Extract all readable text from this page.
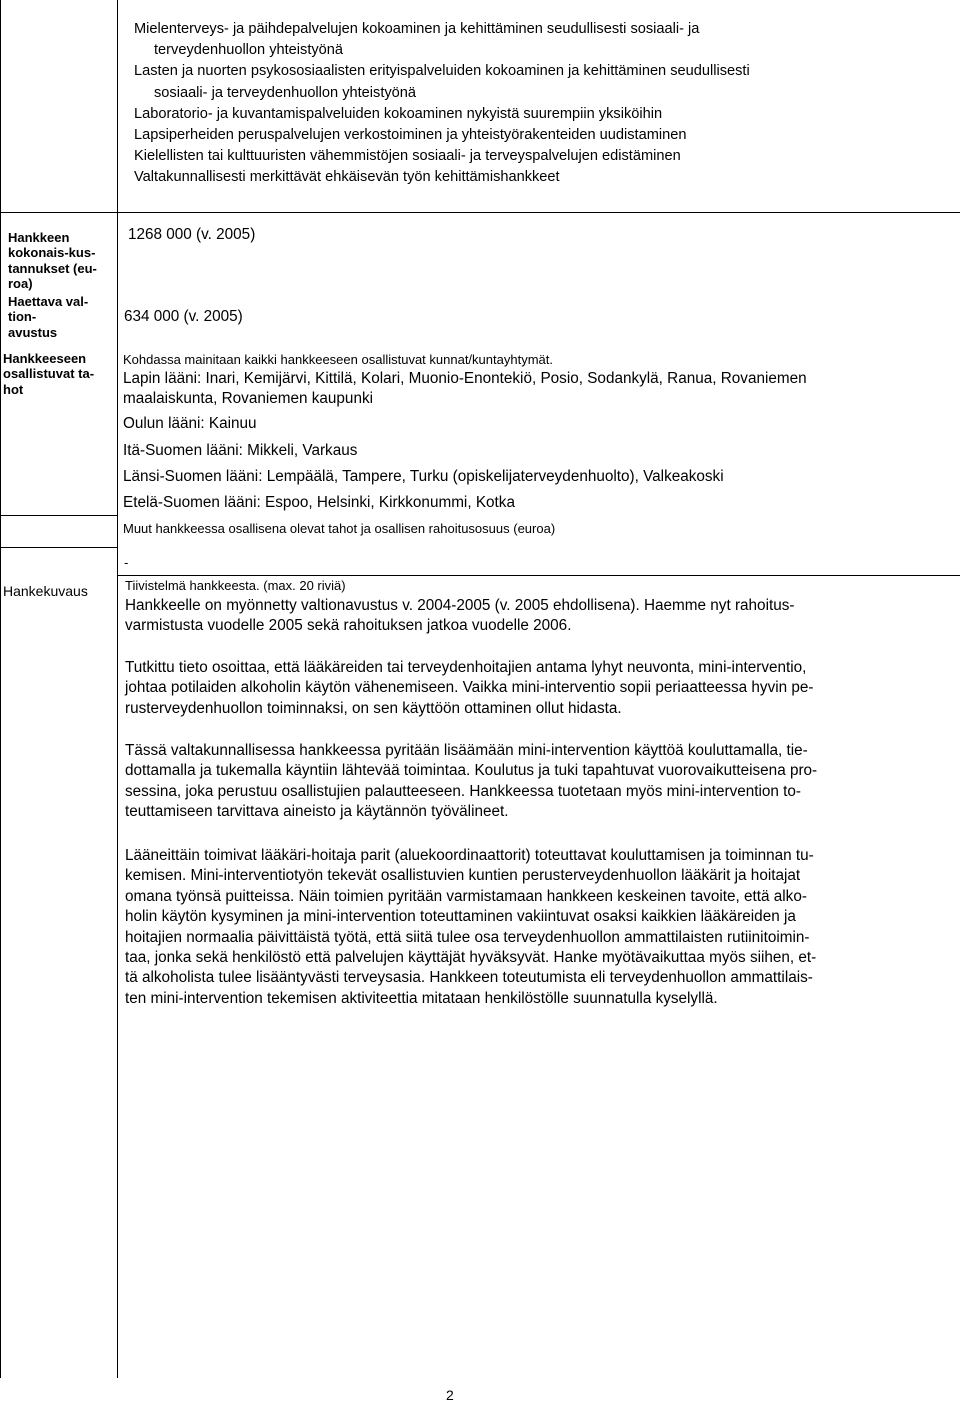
Mielenterveys- ja päihdepalvelujen kokoaminen ja kehittäminen seudullisesti sosiaali- ja
terveydenhuollon yhteistyönä
Lasten ja nuorten psykososiaalisten erityispalveluiden kokoaminen ja kehittäminen seudullisesti
sosiaali- ja terveydenhuollon yhteistyönä
Laboratorio- ja kuvantamispalveluiden kokoaminen nykyistä suurempiin yksiköihin
Lapsiperheiden peruspalvelujen verkostoiminen ja yhteistyörakenteiden uudistaminen
Kielellisten tai kulttuuristen vähemmistöjen sosiaali- ja terveyspalvelujen edistäminen
Valtakunnallisesti merkittävät ehkäisevän työn kehittämishankkeet
Hankkeen
kokonais-kus-
tannukset (eu-
roa)
Haettava val-
tion-
avustus
Hankkeeseen
osallistuvat ta-
hot
Hankekuvaus
1268 000 (v. 2005)
634 000 (v. 2005)
Kohdassa mainitaan kaikki hankkeeseen osallistuvat kunnat/kuntayhtymät.
Lapin lääni: Inari, Kemijärvi, Kittilä, Kolari, Muonio-Enontekiö, Posio, Sodankylä, Ranua, Rovaniemen
maalaiskunta, Rovaniemen kaupunki
Oulun lääni: Kainuu
Itä-Suomen lääni: Mikkeli, Varkaus
Länsi-Suomen lääni: Lempäälä, Tampere, Turku (opiskelijaterveydenhuolto), Valkeakoski
Etelä-Suomen lääni: Espoo, Helsinki, Kirkkonummi, Kotka
Muut hankkeessa osallisena olevat tahot ja osallisen rahoitusosuus (euroa)
-
Tiivistelmä hankkeesta. (max. 20 riviä)

Hankkeelle on myönnetty valtionavustus v. 2004-2005 (v. 2005 ehdollisena). Haemme nyt rahoitus-
varmistusta vuodelle 2005 sekä rahoituksen jatkoa vuodelle 2006.

Tutkittu tieto osoittaa, että lääkäreiden tai terveydenhoitajien antama lyhyt neuvonta, mini-interventio,
johtaa potilaiden alkoholin käytön vähenemiseen. Vaikka mini-interventio sopii periaatteessa hyvin pe-
rusterveydenhuollon toiminnaksi, on sen käyttöön ottaminen ollut hidasta.

Tässä valtakunnallisessa hankkeessa pyritään lisäämään mini-intervention käyttöä kouluttamalla, tie-
dottamalla ja tukemalla käyntiin lähtevää toimintaa. Koulutus ja tuki tapahtuvat vuorovaikutteisena pro-
sessina, joka perustuu osallistujien palautteeseen. Hankkeessa tuotetaan myös mini-intervention to-
teuttamiseen tarvittava aineisto ja käytännön työvälineet.

Lääneittäin toimivat lääkäri-hoitaja parit (aluekoordinaattorit) toteuttavat kouluttamisen ja toiminnan tu-
kemisen. Mini-interventiotyön tekevät osallistuvien kuntien perusterveydenhuollon lääkärit ja hoitajat
omana työnsä puitteissa. Näin toimien pyritään varmistamaan hankkeen keskeinen tavoite, että alko-
holin käytön kysyminen ja mini-intervention toteuttaminen vakiintuvat osaksi kaikkien lääkäreiden ja
hoitajien normaalia päivittäistä työtä, että siitä tulee osa terveydenhuollon ammattilaisten rutiinitoimin-
taa, jonka sekä henkilöstö että palvelujen käyttäjät hyväksyvät. Hanke myötävaikuttaa myös siihen, et-
tä alkoholista tulee lisääntyvästi terveysasia. Hankkeen toteutumista eli terveydenhuollon ammattilais-
ten mini-intervention tekemisen aktiviteettia mitataan henkilöstölle suunnatulla kyselyllä.

2
